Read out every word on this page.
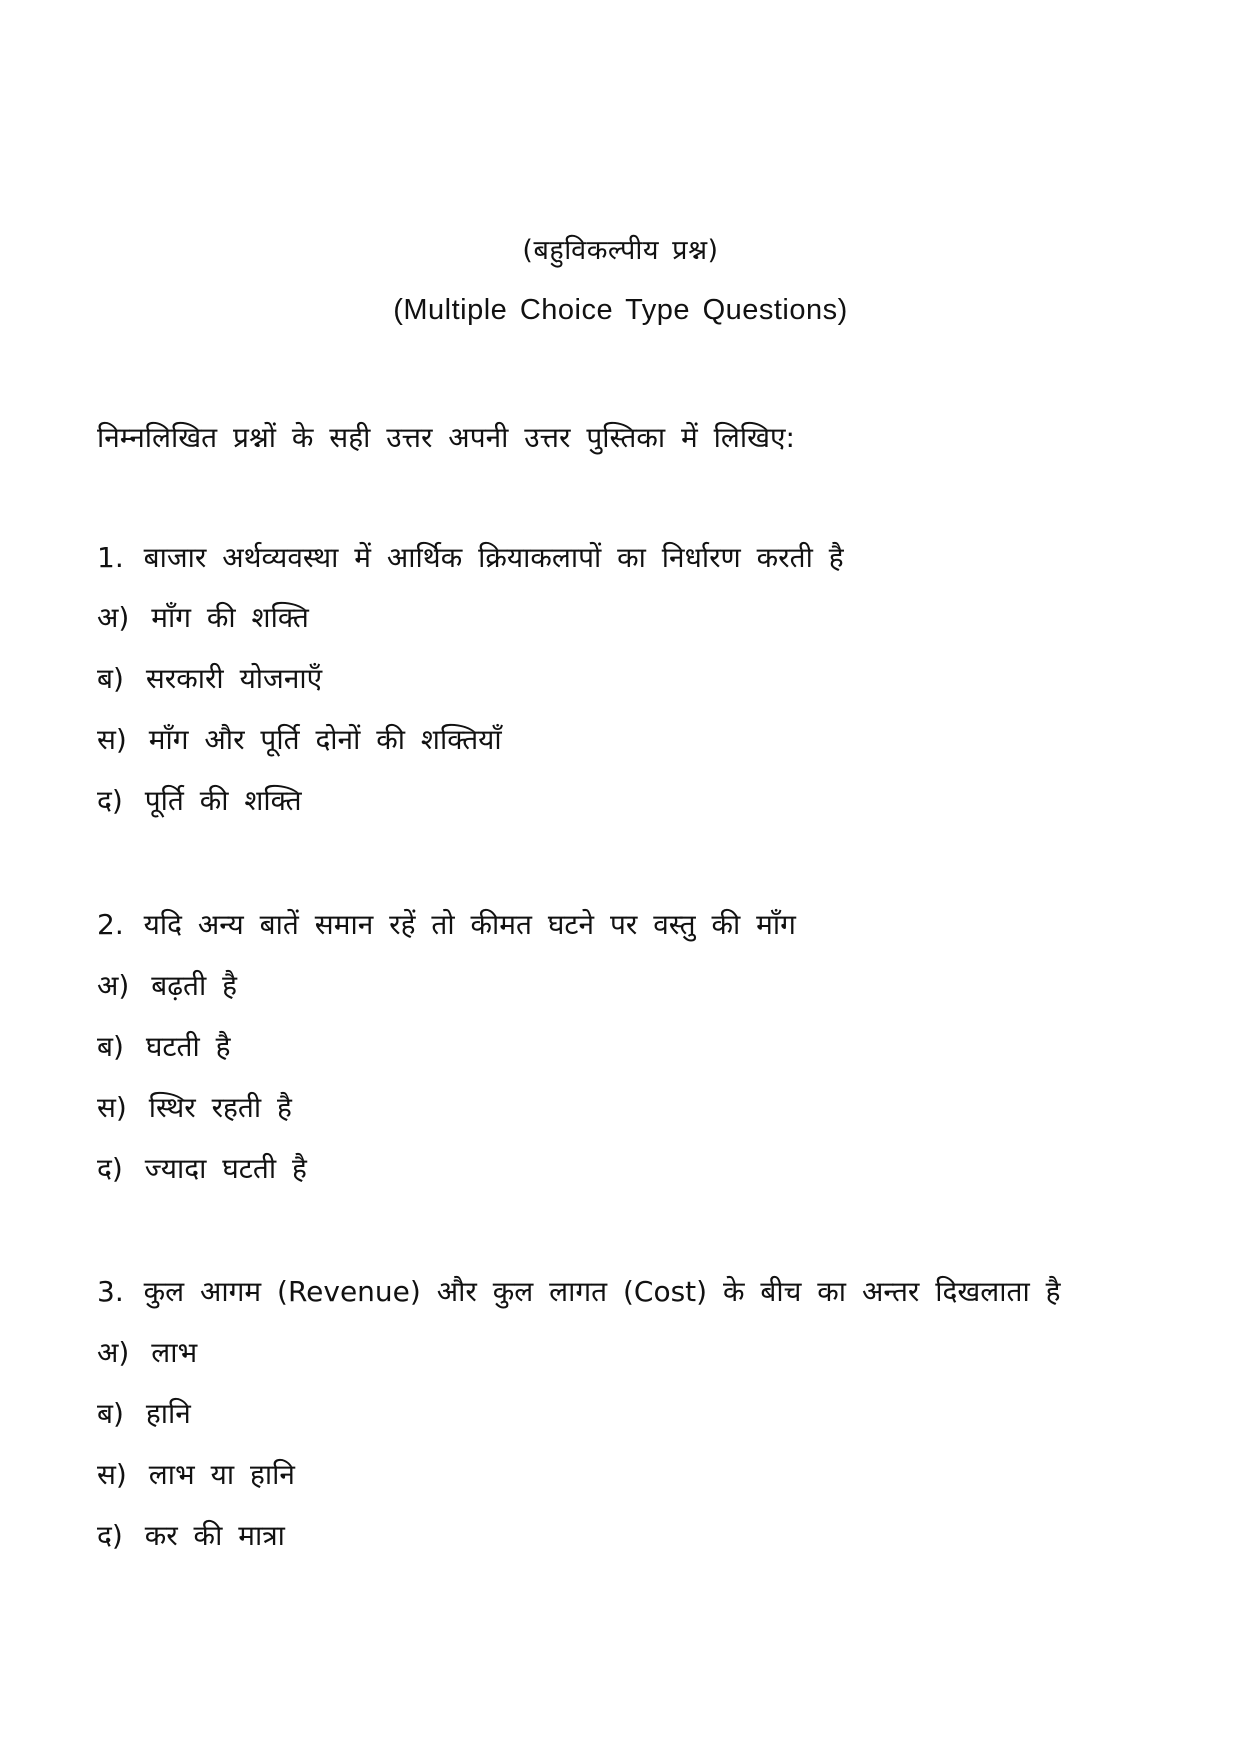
(बहुविकल्पीय प्रश्न)
(Multiple Choice Type Questions)
निम्नलिखित प्रश्नों के सही उत्तर अपनी उत्तर पुस्तिका में लिखिए:
1. बाजार अर्थव्यवस्था में आर्थिक क्रियाकलापों का निर्धारण करती है
अ) माँग की शक्ति
ब) सरकारी योजनाएँ
स) माँग और पूर्ति दोनों की शक्तियाँ
द) पूर्ति की शक्ति
2. यदि अन्य बातें समान रहें तो कीमत घटने पर वस्तु की माँग
अ) बढ़ती है
ब) घटती है
स) स्थिर रहती है
द) ज्यादा घटती है
3. कुल आगम (Revenue) और कुल लागत (Cost) के बीच का अन्तर दिखलाता है
अ) लाभ
ब) हानि
स) लाभ या हानि
द) कर की मात्रा
